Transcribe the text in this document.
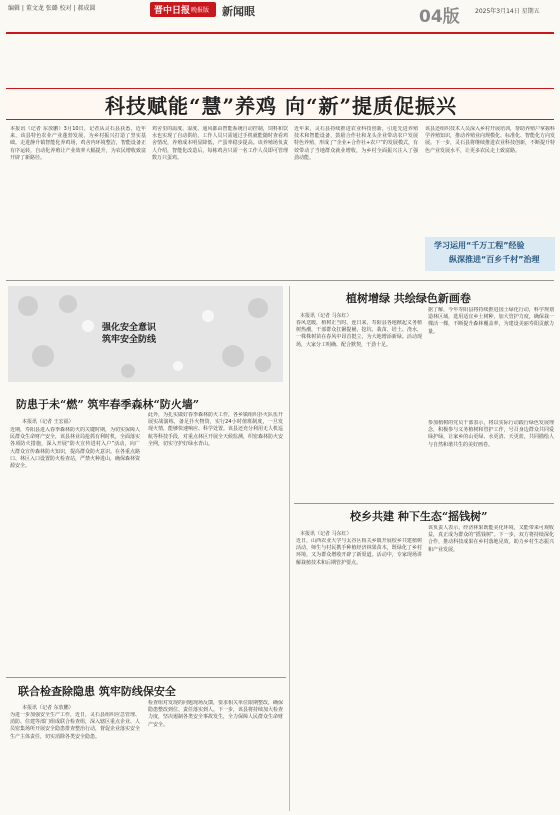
编辑 | 董文龙 张璐 校对 | 郝成圆	晋中日报 晚报版 新闻眼	04版	2025年3月14日 星期五
科技赋能“慧”养鸡 向“新”提质促振兴
本报讯（记者 东放鹏）3月10日，记者从灵石县获悉，近年来，该县特色农业产业蓬勃发展，为乡村振兴打造了坚实基础。走进静升镇智能化养鸡场，鸡舍内环境整洁，智能设备正有序运转，自动化养殖让产业效率大幅提升，为农民增收致富开辟了新路径。
鸡舍里的温度、湿度、通风都由智能系统自动控制，饲料和饮水也实现了自动供给，工作人员只需通过手机就能随时查看鸡舍情况，养殖成本明显降低，产蛋率稳步提高。该养殖场负责人介绍，智能化改造后，每栋鸡舍只需一名工作人员即可管理数万只蛋鸡。
近年来，灵石县持续推进农业科技创新，引进先进养殖技术和智能设备，鼓励合作社和龙头企业带动农户发展特色养殖，形成了“企业+合作社+农户”的发展模式，有效带动了当地群众就业增收，为乡村全面振兴注入了强劲动能。
该县还组织技术人员深入乡村开展培训，帮助养殖户掌握科学养殖知识，推动养殖业向规模化、标准化、智能化方向发展。下一步，灵石县将继续推进农业科技创新，不断提升特色产业发展水平，让更多农民走上致富路。
学习运用“千万工程”经验
纵深推进“百乡千村”治理
强化安全意识
筑牢安全防线
防患于未“燃” 筑牢春季森林“防火墙”
本报讯（记者 王宏福）
近期，寿阳县进入春季森林防火的关键时期，为切实保障人民群众生命财产安全，该县林业局抢抓有利时机，全面落实各项防火措施，深入开展“防火宣传进村入户”活动，向广大群众宣传森林防火知识，提高群众防火意识。在各重点路口、林区入口设置防火检查站，严禁火种进山，确保森林资源安全。
此外，为扎实做好春季森林防火工作，各乡镇组织扑火队伍开展实战演练，备足扑火物资，实行24小时值班制度，一旦发现火情，能够快速响应、科学处置。该县还充分利用无人机巡航等科技手段，对重点林区开展全天候监测，织密森林防火安全网，切实守护好绿水青山。
植树增绿 共绘绿色新画卷
本报讯（记者 马东红）
春风送暖，植树正当时。连日来，寿阳县各地掀起义务植树热潮，干部群众扛锹提桶，挖坑、栽苗、培土、浇水，一株株树苗在春风中昂首挺立，为大地增添新绿。活动现场，大家分工明确、配合默契，干劲十足。
据了解，今年寿阳县将持续推进国土绿化行动，科学规划造林区域，选用适宜乡土树种，加大管护力度，确保栽一棵活一棵，不断提升森林覆盖率，为建设美丽寿阳贡献力量。
参加植树的党员干部表示，将以实际行动践行绿色发展理念，积极参与义务植树和管护工作，号召身边群众共同爱绿护绿，让家乡的山更绿、水更清、天更蓝，共同描绘人与自然和谐共生的美好画卷。
校乡共建 种下生态“摇钱树”
本报讯（记者 马东红）
近日，山西农业大学与太谷区相关乡镇开展校乡共建植树活动，师生与村民携手种植经济林果苗木，既绿化了乡村环境，又为群众增收开辟了新渠道。活动中，专家现场讲解栽植技术和后期管护要点。
该负责人表示，经济林果既能美化环境，又能带来可观收益，真正成为群众的“摇钱树”。下一步，双方将持续深化合作，推动科技成果在乡村落地见效，助力乡村生态振兴和产业发展。
联合检查除隐患 筑牢防线保安全
本报讯（记者 东放鹏）
为进一步加强安全生产工作，近日，灵石县组织应急管理、消防、住建等部门组成联合检查组，深入辖区重点企业、人员密集场所开展安全隐患排查整治行动，督促企业落实安全生产主体责任，切实消除各类安全隐患。
检查组对发现的问题现场反馈，要求相关单位限期整改，确保隐患整改到位、责任落实到人。下一步，该县将持续加大检查力度，坚决遏制各类安全事故发生，全力保障人民群众生命财产安全。
